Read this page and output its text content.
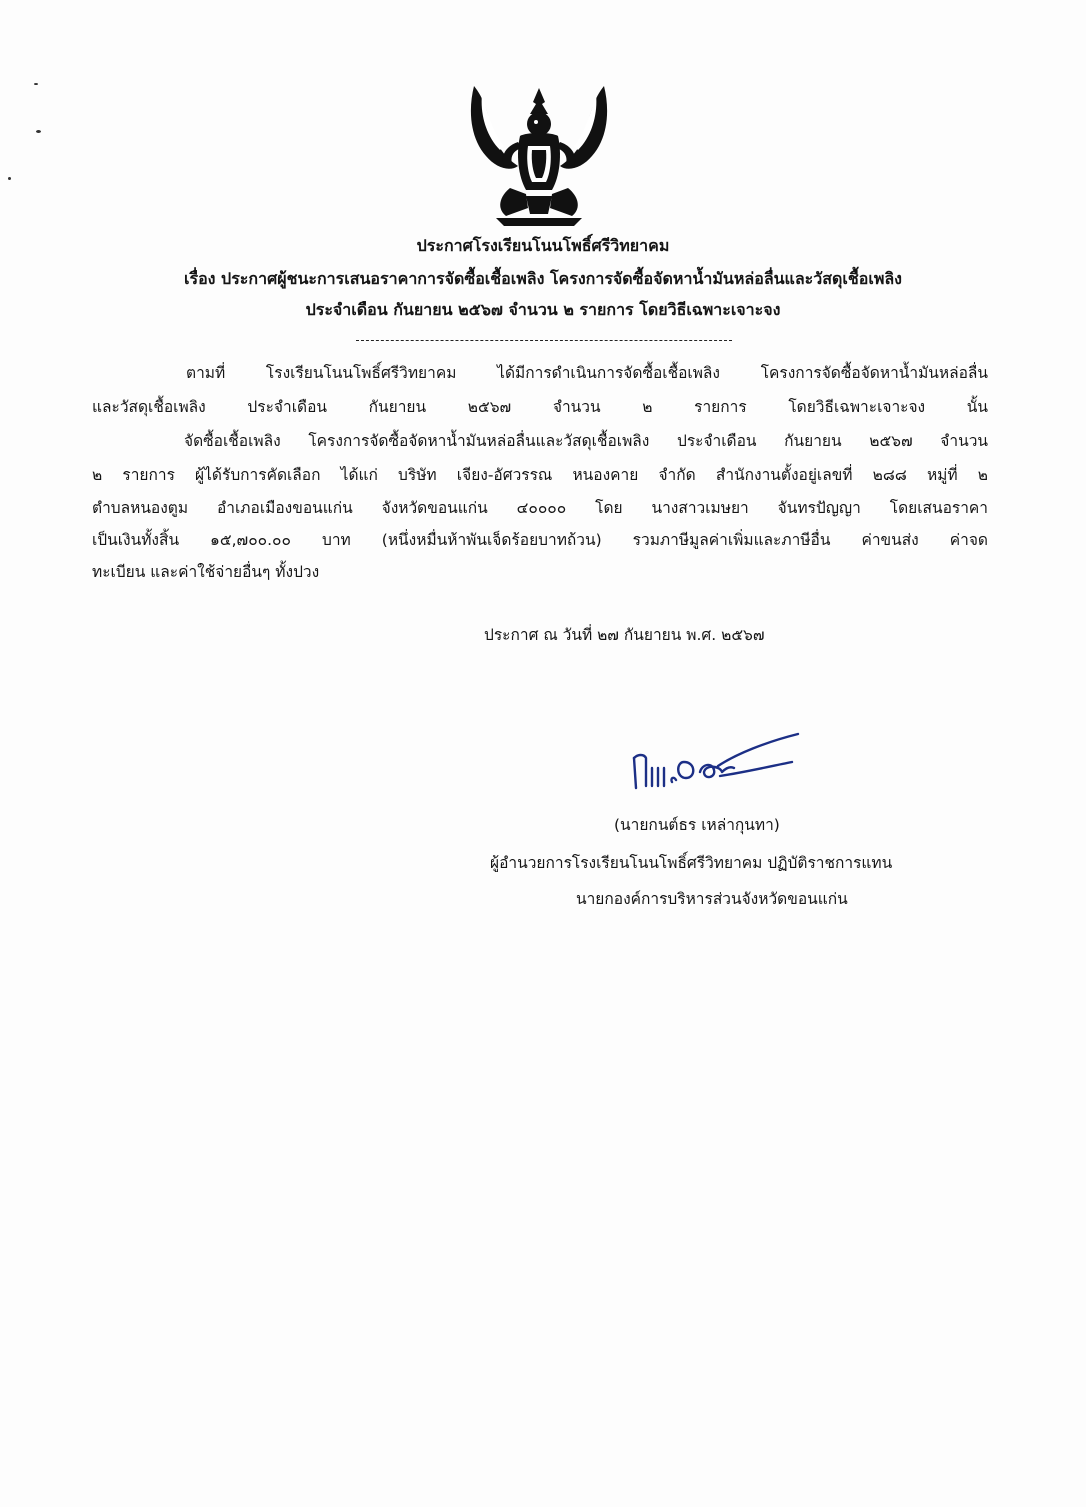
ประกาศโรงเรียนโนนโพธิ์ศรีวิทยาคม
เรื่อง ประกาศผู้ชนะการเสนอราคาการจัดซื้อเชื้อเพลิง โครงการจัดซื้อจัดหาน้ำมันหล่อลื่นและวัสดุเชื้อเพลิง
ประจำเดือน กันยายน ๒๕๖๗ จำนวน ๒ รายการ โดยวิธีเฉพาะเจาะจง
ตามที่ โรงเรียนโนนโพธิ์ศรีวิทยาคม ได้มีการดำเนินการจัดซื้อเชื้อเพลิง โครงการจัดซื้อจัดหาน้ำมันหล่อลื่น
และวัสดุเชื้อเพลิง ประจำเดือน กันยายน ๒๕๖๗ จำนวน ๒ รายการ โดยวิธีเฉพาะเจาะจง นั้น
จัดซื้อเชื้อเพลิง โครงการจัดซื้อจัดหาน้ำมันหล่อลื่นและวัสดุเชื้อเพลิง ประจำเดือน กันยายน ๒๕๖๗ จำนวน
๒ รายการ ผู้ได้รับการคัดเลือก ได้แก่ บริษัท เจียง-อัศวรรณ หนองคาย จำกัด สำนักงานตั้งอยู่เลขที่ ๒๘๘ หมู่ที่ ๒
ตำบลหนองตูม อำเภอเมืองขอนแก่น จังหวัดขอนแก่น ๔๐๐๐๐ โดย นางสาวเมษยา จันทรปัญญา โดยเสนอราคา
เป็นเงินทั้งสิ้น ๑๕,๗๐๐.๐๐ บาท (หนึ่งหมื่นห้าพันเจ็ดร้อยบาทถ้วน) รวมภาษีมูลค่าเพิ่มและภาษีอื่น ค่าขนส่ง ค่าจด
ทะเบียน และค่าใช้จ่ายอื่นๆ ทั้งปวง
ประกาศ ณ วันที่ ๒๗ กันยายน พ.ศ. ๒๕๖๗
(นายกนต์ธร เหล่ากุนทา)
ผู้อำนวยการโรงเรียนโนนโพธิ์ศรีวิทยาคม ปฏิบัติราชการแทน
นายกองค์การบริหารส่วนจังหวัดขอนแก่น
